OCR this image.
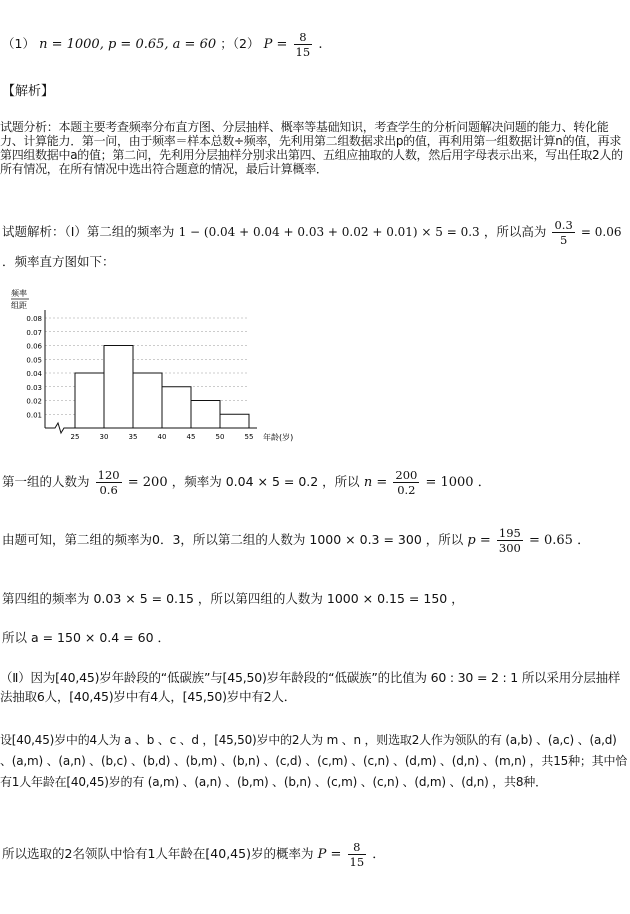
（1） n = 1000, p = 0.65, a = 60 ；（2） $P = \frac{8}{15}$ .
【解析】
试题分析：本题主要考查频率分布直方图、分层抽样、概率等基础知识，考查学生的分析问题解决问题的能力、转化能力、计算能力．第一问，由于频率＝样本总数÷频率，先利用第二组数据求出p的值，再利用第一组数据计算n的值，再求第四组数据中a的值；第二问，先利用分层抽样分别求出第四、五组应抽取的人数，然后用字母表示出来，写出任取2人的所有情况，在所有情况中选出符合题意的情况，最后计算概率．
试题解析：（Ⅰ）第二组的频率为 1 − (0.04 + 0.04 + 0.03 + 0.02 + 0.01) × 5 = 0.3 ，所以高为 $\frac{0.3}{5} = 0.06$
．频率直方图如下：
0.08
0.07
0.06
0.05
0.04
0.03
0.02
0.01
25	30	35	40	45	50	55
频率
组距
年龄(岁)
第一组的人数为 $\frac{120}{0.6} = 200$ ，频率为 0.04 × 5 = 0.2 ，所以 $n = \frac{200}{0.2} = 1000$ ．
由题可知，第二组的频率为0．3，所以第二组的人数为 1000 × 0.3 = 300 ，所以 $p = \frac{195}{300} = 0.65$ ．
第四组的频率为 0.03 × 5 = 0.15 ，所以第四组的人数为 1000 × 0.15 = 150 ，
所以 a = 150 × 0.4 = 60 ．
（Ⅱ）因为[40,45)岁年龄段的“低碳族”与[45,50)岁年龄段的“低碳族”的比值为 60 : 30 = 2 : 1 所以采用分层抽样法抽取6人，[40,45)岁中有4人，[45,50)岁中有2人．
设[40,45)岁中的4人为 a 、b 、c 、d ，[45,50)岁中的2人为 m 、n ，则选取2人作为领队的有 (a,b) 、(a,c) 、(a,d) 、(a,m) 、(a,n) 、(b,c) 、(b,d) 、(b,m) 、(b,n) 、(c,d) 、(c,m) 、(c,n) 、(d,m) 、(d,n) 、(m,n) ，共15种；其中恰有1人年龄在[40,45)岁的有 (a,m) 、(a,n) 、(b,m) 、(b,n) 、(c,m) 、(c,n) 、(d,m) 、(d,n) ，共8种．
所以选取的2名领队中恰有1人年龄在[40,45)岁的概率为 $P = \frac{8}{15}$ ．
